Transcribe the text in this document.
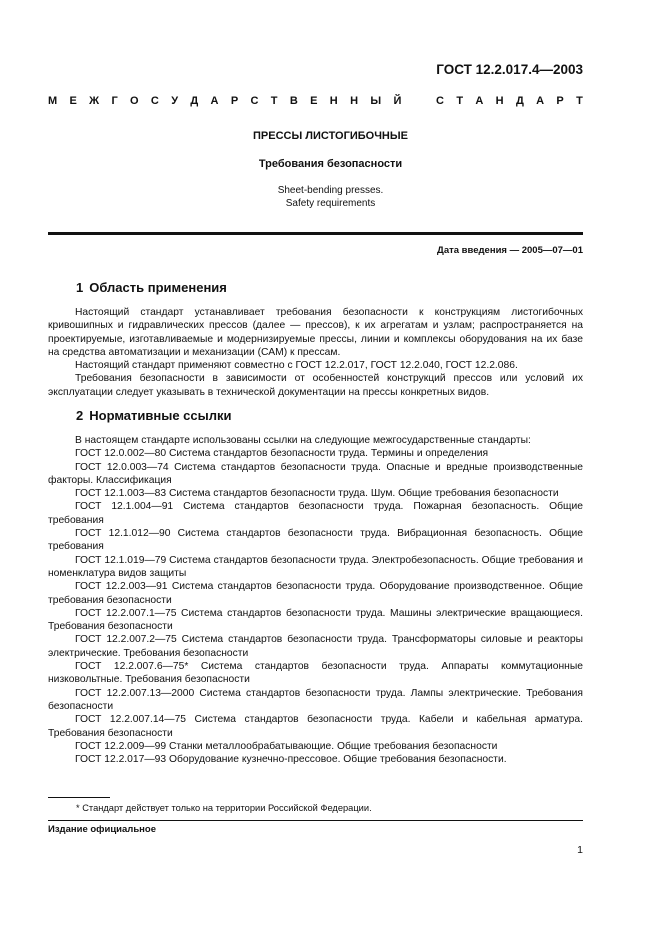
ГОСТ 12.2.017.4—2003
М Е Ж Г О С У Д А Р С Т В Е Н Н Ы Й	С Т А Н Д А Р Т
ПРЕССЫ ЛИСТОГИБОЧНЫЕ
Требования безопасности
Sheet-bending presses.
Safety requirements
Дата введения — 2005—07—01
1 Область применения

Настоящий стандарт устанавливает требования безопасности к конструкциям листогибочных кривошипных и гидравлических прессов (далее — прессов), к их агрегатам и узлам; распространяется на проектируемые, изготавливаемые и модернизируемые прессы, линии и комплексы оборудования на их базе на средства автоматизации и механизации (САМ) к прессам.

Настоящий стандарт применяют совместно с ГОСТ 12.2.017, ГОСТ 12.2.040, ГОСТ 12.2.086.

Требования безопасности в зависимости от особенностей конструкций прессов или условий их эксплуатации следует указывать в технической документации на прессы конкретных видов.

2 Нормативные ссылки

В настоящем стандарте использованы ссылки на следующие межгосударственные стандарты:

ГОСТ 12.0.002—80 Система стандартов безопасности труда. Термины и определения

ГОСТ 12.0.003—74 Система стандартов безопасности труда. Опасные и вредные производственные факторы. Классификация

ГОСТ 12.1.003—83 Система стандартов безопасности труда. Шум. Общие требования безопасности

ГОСТ 12.1.004—91 Система стандартов безопасности труда. Пожарная безопасность. Общие требования

ГОСТ 12.1.012—90 Система стандартов безопасности труда. Вибрационная безопасность. Общие требования

ГОСТ 12.1.019—79 Система стандартов безопасности труда. Электробезопасность. Общие требования и номенклатура видов защиты

ГОСТ 12.2.003—91 Система стандартов безопасности труда. Оборудование производственное. Общие требования безопасности

ГОСТ 12.2.007.1—75 Система стандартов безопасности труда. Машины электрические вращающиеся. Требования безопасности

ГОСТ 12.2.007.2—75 Система стандартов безопасности труда. Трансформаторы силовые и реакторы электрические. Требования безопасности

ГОСТ 12.2.007.6—75* Система стандартов безопасности труда. Аппараты коммутационные низковольтные. Требования безопасности

ГОСТ 12.2.007.13—2000 Система стандартов безопасности труда. Лампы электрические. Требования безопасности

ГОСТ 12.2.007.14—75 Система стандартов безопасности труда. Кабели и кабельная арматура. Требования безопасности

ГОСТ 12.2.009—99 Станки металлообрабатывающие. Общие требования безопасности

ГОСТ 12.2.017—93 Оборудование кузнечно-прессовое. Общие требования безопасности.

* Стандарт действует только на территории Российской Федерации.
Издание официальное
1
